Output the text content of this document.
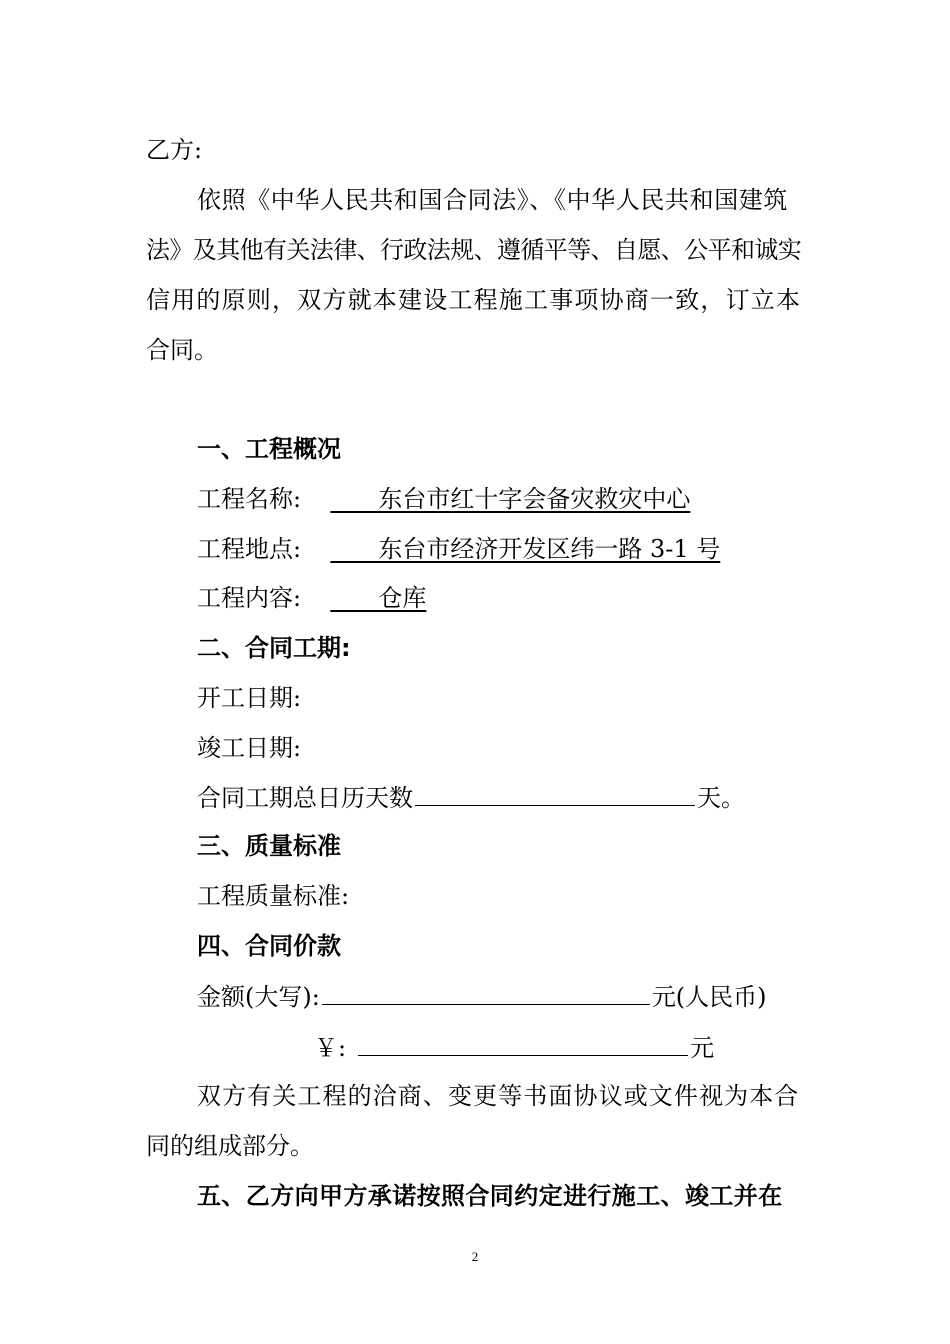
乙方:
依照《中华人民共和国合同法》、《中华人民共和国建筑
法》及其他有关法律、行政法规、遵循平等、自愿、公平和诚实
信用的原则，双方就本建设工程施工事项协商一致，订立本
合同。
一、工程概况
工程名称:  　　东台市红十字会备灾救灾中心
工程地点:  　　东台市经济开发区纬一路 3-1 号
工程内容:  　　仓库
二、合同工期:
开工日期:
竣工日期:
合同工期总日历天数	天。
三、质量标准
工程质量标准:
四、合同价款
金额(大写):	元(人民币)
￥:	元
双方有关工程的洽商、变更等书面协议或文件视为本合
同的组成部分。
五、乙方向甲方承诺按照合同约定进行施工、竣工并在
2
